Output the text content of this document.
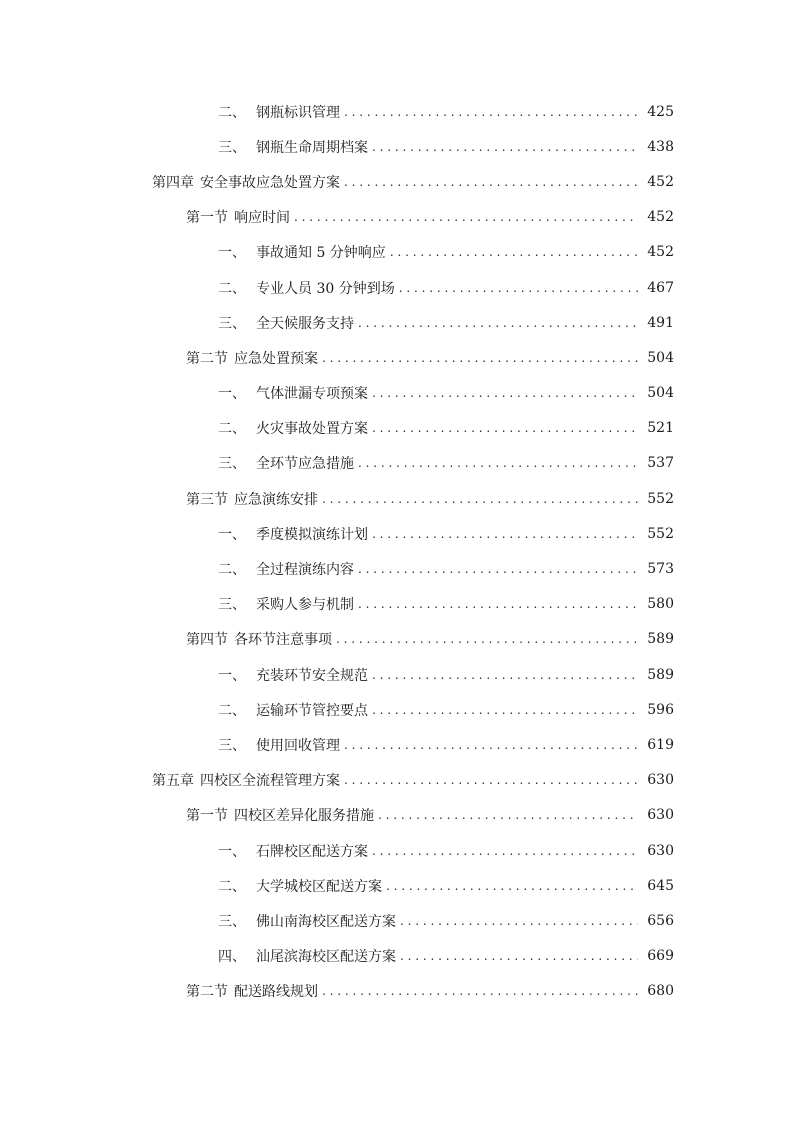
二、 钢瓶标识管理 . . .	425
三、 钢瓶生命周期档案 . . .	438
第四章 安全事故应急处置方案 . . .	452
第一节 响应时间 . . .	452
一、 事故通知 5 分钟响应 . . .	452
二、 专业人员 30 分钟到场 . . .	467
三、 全天候服务支持 . . .	491
第二节 应急处置预案 . . .	504
一、 气体泄漏专项预案 . . .	504
二、 火灾事故处置方案 . . .	521
三、 全环节应急措施 . . .	537
第三节 应急演练安排 . . .	552
一、 季度模拟演练计划 . . .	552
二、 全过程演练内容 . . .	573
三、 采购人参与机制 . . .	580
第四节 各环节注意事项 . . .	589
一、 充装环节安全规范 . . .	589
二、 运输环节管控要点 . . .	596
三、 使用回收管理 . . .	619
第五章 四校区全流程管理方案 . . .	630
第一节 四校区差异化服务措施 . . .	630
一、 石牌校区配送方案 . . .	630
二、 大学城校区配送方案 . . .	645
三、 佛山南海校区配送方案 . . .	656
四、 汕尾滨海校区配送方案 . . .	669
第二节 配送路线规划 . . .	680
